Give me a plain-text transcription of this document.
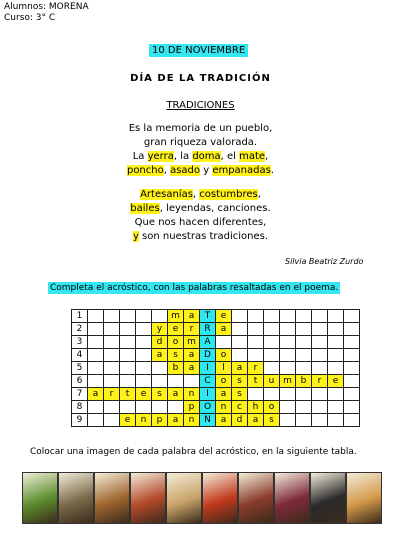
Alumnos: MORENA
Curso: 3° C
10 DE NOVIEMBRE
DÍA DE LA TRADICIÓN
TRADICIONES
Es la memoria de un pueblo,
gran riqueza valorada.
La yerra, la doma, el mate,
poncho, asado y empanadas.
Artesanías, costumbres,
bailes, leyendas, canciones.
Que nos hacen diferentes,
y son nuestras tradiciones.
Silvia Beatriz Zurdo
Completa el acróstico, con las palabras resaltadas en el poema.
1						m	a	T	e								
2					y	e	r	R	a								
3					d	o	m	A									
4					a	s	a	D	o								
5						b	a	I	l	a	r						
6								C	o	s	t	u	m	b	r	e	
7	a	r	t	e	s	a	n	I	a	s							
8							p	O	n	c	h	o					
9			e	n	p	a	n	N	a	d	a	s					
Colocar una imagen de cada palabra del acróstico, en la siguiente tabla.
